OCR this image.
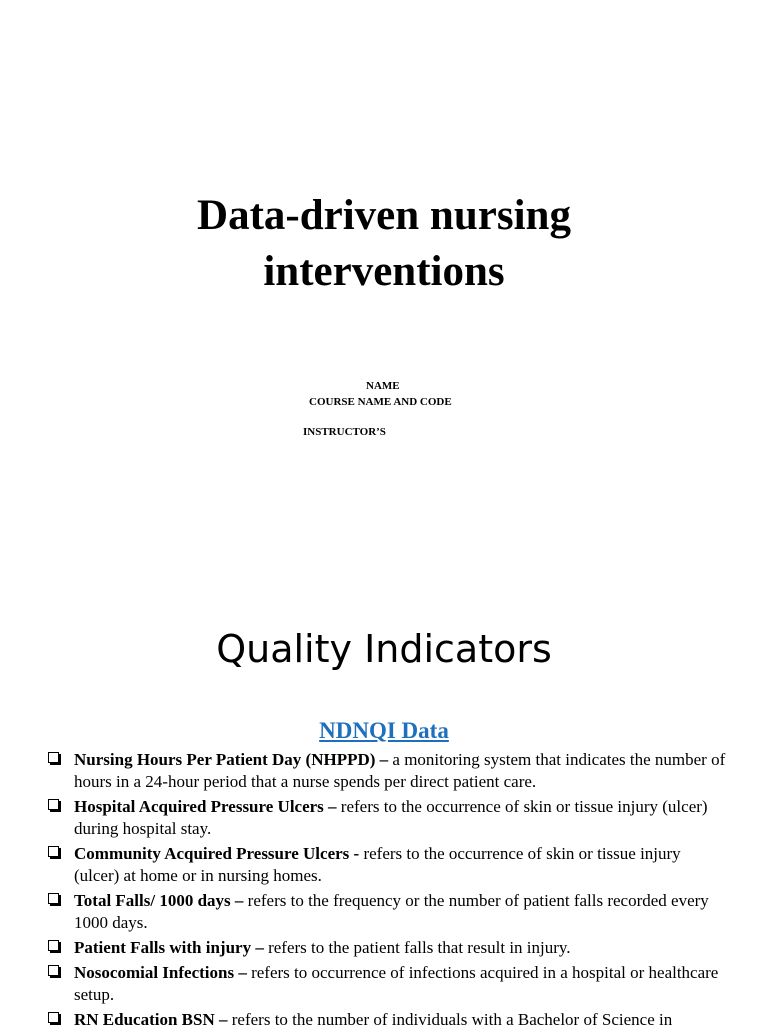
Data-driven nursing
interventions
NAME
COURSE NAME AND CODE
INSTRUCTOR’S
Quality Indicators
NDNQI Data
Nursing Hours Per Patient Day (NHPPD) – a monitoring system that indicates the number of hours in a 24-hour period that a nurse spends per direct patient care.
Hospital Acquired Pressure Ulcers – refers to the occurrence of skin or tissue injury (ulcer) during hospital stay.
Community Acquired Pressure Ulcers - refers to the occurrence of skin or tissue injury (ulcer) at home or in nursing homes.
Total Falls/ 1000 days – refers to the frequency or the number of patient falls recorded every 1000 days.
Patient Falls with injury – refers to the patient falls that result in injury.
Nosocomial Infections – refers to occurrence of infections acquired in a hospital or healthcare setup.
RN Education BSN – refers to the number of individuals with a Bachelor of Science in
